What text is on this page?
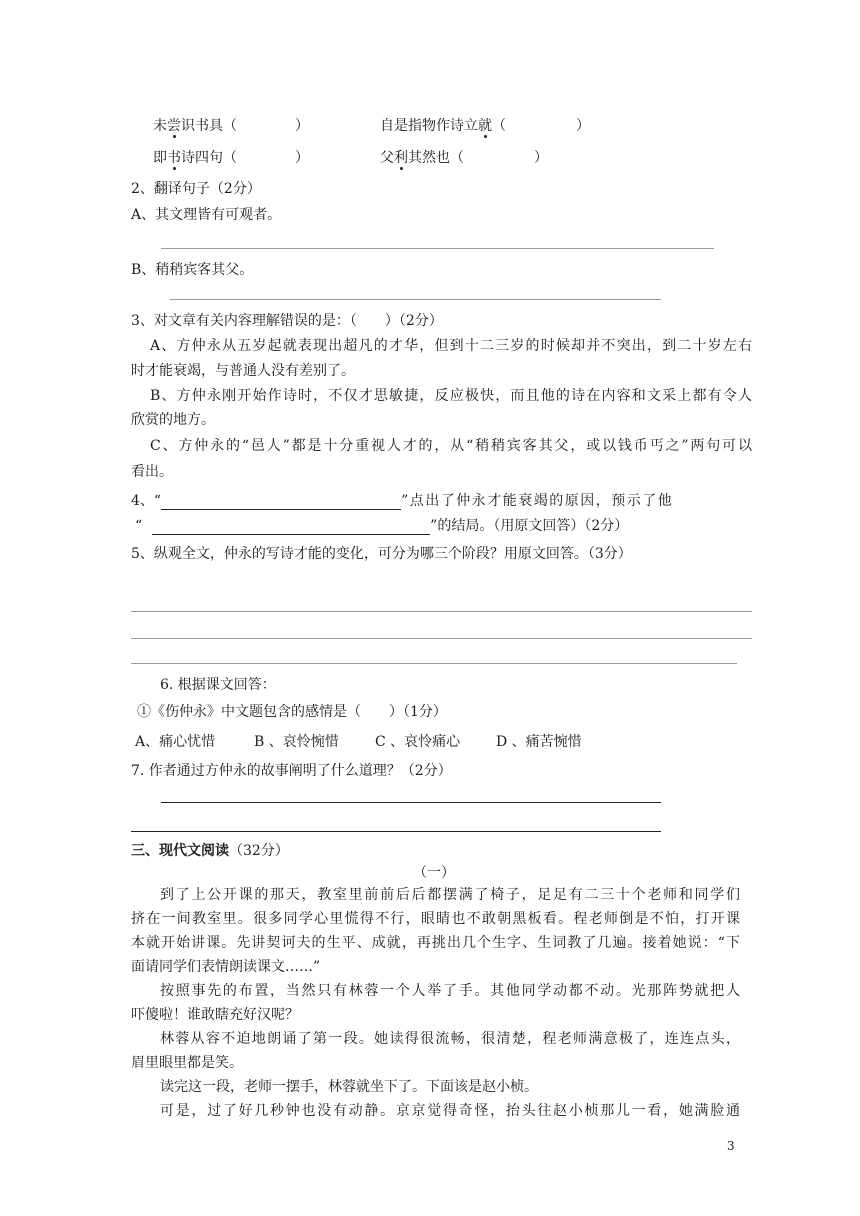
未尝识书具（	）	自是指物作诗立就（	）
即书诗四句（	）	父利其然也（	）
2、翻译句子（2分）
A、其文理皆有可观者。
B、稍稍宾客其父。
3、对文章有关内容理解错误的是：（　　）（2分）
A、方仲永从五岁起就表现出超凡的才华，但到十二三岁的时候却并不突出，到二十岁左右
时才能衰竭，与普通人没有差别了。
B、方仲永刚开始作诗时，不仅才思敏捷，反应极快，而且他的诗在内容和文采上都有令人
欣赏的地方。
C、方仲永的“邑人”都是十分重视人才的，从“稍稍宾客其父，或以钱币丐之”两句可以
看出。
4、“	”点出了仲永才能衰竭的原因，预示了他
“	”的结局。（用原文回答）（2分）
5、纵观全文，仲永的写诗才能的变化，可分为哪三个阶段？用原文回答。（3分）
6. 根据课文回答：
①《伤仲永》中文题包含的感情是（　　）（1分）
A、痛心忧惜	B 、哀怜惋惜	C 、哀怜痛心	D 、痛苦惋惜
7. 作者通过方仲永的故事阐明了什么道理？（2分）
三、现代文阅读（32分）
（一）
到了上公开课的那天，教室里前前后后都摆满了椅子，足足有二三十个老师和同学们
挤在一间教室里。很多同学心里慌得不行，眼睛也不敢朝黑板看。程老师倒是不怕，打开课
本就开始讲课。先讲契诃夫的生平、成就，再挑出几个生字、生词教了几遍。接着她说：“下
面请同学们表情朗读课文……”
按照事先的布置，当然只有林蓉一个人举了手。其他同学动都不动。光那阵势就把人
吓傻啦！谁敢瞎充好汉呢？
林蓉从容不迫地朗诵了第一段。她读得很流畅，很清楚，程老师满意极了，连连点头，
眉里眼里都是笑。
读完这一段，老师一摆手，林蓉就坐下了。下面该是赵小桢。
可是，过了好几秒钟也没有动静。京京觉得奇怪，抬头往赵小桢那儿一看，她满脸通
3
